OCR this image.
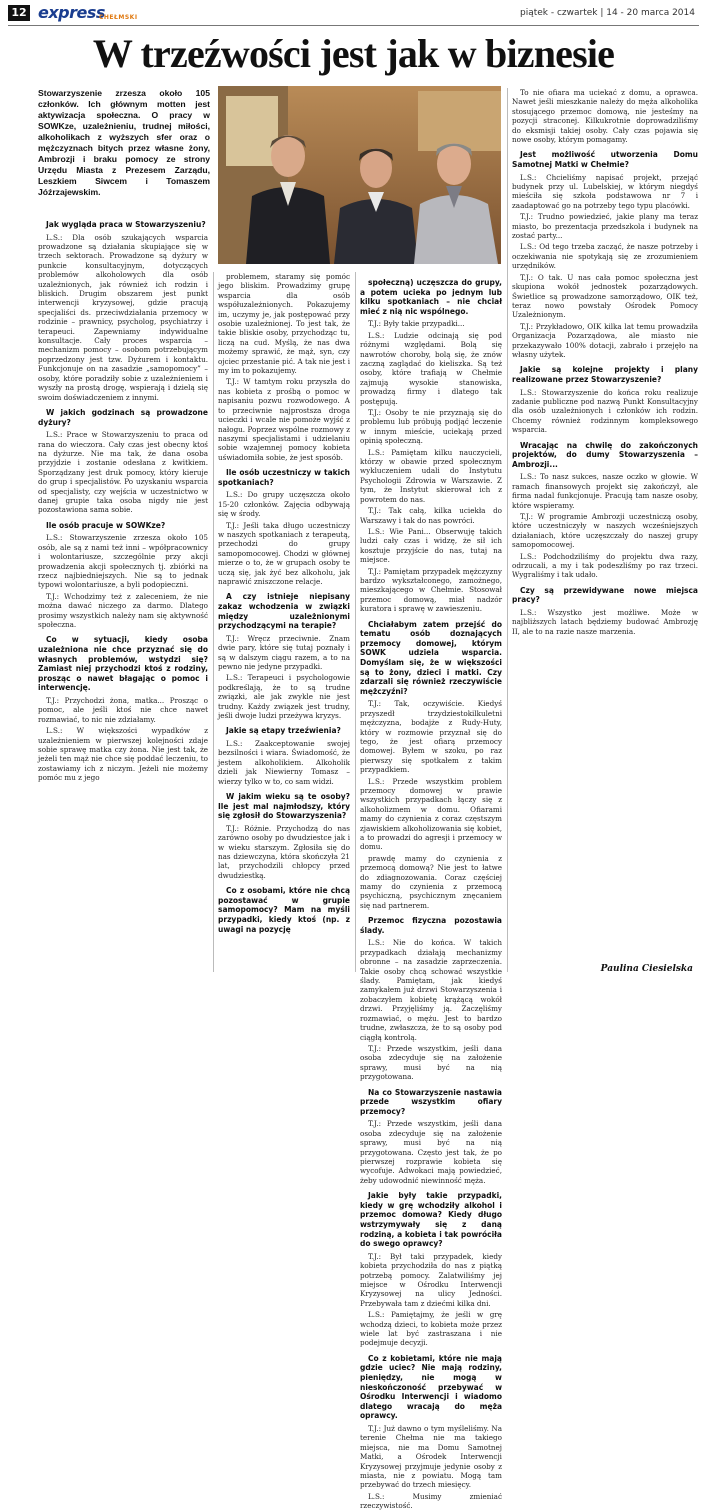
12 express
CHEŁMSKI	piątek - czwartek | 14 - 20 marca 2014
W trzeźwości jest jak w biznesie
Stowarzyszenie zrzesza około 105 członków. Ich głównym motten jest aktywizacja społeczna. O pracy w SOWKze, uzależnieniu, trudnej miłości, alkoholikach z wyższych sfer oraz o mężczyznach bitych przez własne żony, Ambrozji i braku pomocy ze strony Urzędu Miasta z Prezesem Zarządu, Leszkiem Siwcem i Tomaszem Jóźrzajewskim.

Jak wygląda praca w Stowarzyszeniu?

L.S.: Dla osób szukających wsparcia prowadzone są działania skupiające się w trzech sektorach. Prowadzone są dyżury w punkcie konsultacyjnym, dotyczących problemów alkoholowych dla osób uzależnionych, jak również ich rodzin i bliskich. Drugim obszarem jest punkt interwencji kryzysowej, gdzie pracują specjaliści ds. przeciwdziałania przemocy w rodzinie – prawnicy, psycholog, psychiatrzy i terapeuci. Zapewniamy indywidualne konsultacje. Cały proces wsparcia – mechanizm pomocy – osobom potrzebującym poprzedzony jest tzw. Dyżurem i kontaktu. Funkcjonuje on na zasadzie „samopomocy” – osoby, które poradziły sobie z uzależnieniem i wyszły na prostą drogę, wspierają i dzielą się swoim doświadczeniem z innymi.

W jakich godzinach są prowadzone dyżury?

L.S.: Prace w Stowarzyszeniu to praca od rana do wieczora. Cały czas jest obecny ktoś na dyżurze. Nie ma tak, że dana osoba przyjdzie i zostanie odesłana z kwitkiem. Sporządzany jest druk pomocy, który kieruje do grup i specjalistów. Po uzyskaniu wsparcia od specjalisty, czy wejścia w uczestnictwo w danej grupie taka osoba nigdy nie jest pozostawiona sama sobie.

Ile osób pracuje w SOWKze?

L.S.: Stowarzyszenie zrzesza około 105 osób, ale są z nami też inni – wpółpracownicy i wolontariusze, szczególnie przy akcji prowadzenia akcji społecznych tj. zbiórki na rzecz najbiedniejszych. Nie są to jednak typowi wolontariusze, a byli podopieczni.

T.J.: Wchodzimy też z zaleceniem, że nie można dawać niczego za darmo. Dlatego prosimy wszystkich należy nam się aktywność społeczna.

Co w sytuacji, kiedy osoba uzależniona nie chce przyznać się do własnych problemów, wstydzi się? Zamiast niej przychodzi ktoś z rodziny, prosząc o nawet błagając o pomoc i interwencję.

T.J.: Przychodzi żona, matka... Prosząc o pomoc, ale jeśli ktoś nie chce nawet rozmawiać, to nic nie zdziałamy.

L.S.: W większości wypadków z uzależnieniem w pierwszej kolejności zdaje sobie sprawę matka czy żona. Nie jest tak, że jeżeli ten mąż nie chce się poddać leczeniu, to zostawiamy ich z niczym. Jeżeli nie możemy pomóc mu z jego

problemem, staramy się pomóc jego bliskim. Prowadzimy grupę wsparcia dla osób współuzależnionych. Pokazujemy im, uczymy je, jak postępować przy osobie uzależnionej. To jest tak, że takie bliskie osoby, przychodząc tu, liczą na cud. Myślą, że nas dwa możemy sprawić, że mąż, syn, czy ojciec przestanie pić. A tak nie jest i my im to pokazujemy.

T.J.: W tamtym roku przyszła do nas kobieta z prośbą o pomoc w napisaniu pozwu rozwodowego. A to przeciwnie najprostsza droga ucieczki i wcale nie pomoże wyjść z nałogu. Poprzez wspólne rozmowy z naszymi specjalistami i udzielaniu sobie wzajemnej pomocy kobieta uświadomiła sobie, że jest sposób.

Ile osób uczestniczy w takich spotkaniach?

L.S.: Do grupy uczęszcza około 15-20 członków. Zajęcia odbywają się w środy.

T.J.: Jeśli taka długo uczestniczy w naszych spotkaniach z terapeutą, przechodzi do grupy samopomocowej. Chodzi w głównej mierze o to, że w grupach osoby te uczą się, jak żyć bez alkoholu, jak naprawić zniszczone relacje.

A czy istnieje niepisany zakaz wchodzenia w związki między uzależnionymi przychodzącymi na terapie?

T.J.: Wręcz przeciwnie. Znam dwie pary, które się tutaj poznały i są w dalszym ciągu razem, a to na pewno nie jedyne przypadki.

L.S.: Terapeuci i psychologowie podkreślają, że to są trudne związki, ale jak zwykle nie jest trudny. Każdy związek jest trudny, jeśli dwoje ludzi przeżywa kryzys.

Jakie są etapy trzeźwienia?

L.S.: Zaakceptowanie swojej bezsilności i wiara. Świadomość, że jestem alkoholikiem. Alkoholik dzieli jak Niewierny Tomasz – wierzy tylko w to, co sam widzi.

W jakim wieku są te osoby? Ile jest mal najmłodszy, który się zgłosił do Stowarzyszenia?

T.J.: Różnie. Przychodzą do nas zarówno osoby po dwudziestce jak i w wieku starszym. Zgłosiła się do nas dziewczyna, która skończyła 21 lat, przychodzili chłopcy przed dwudziestką.

Co z osobami, które nie chcą pozostawać w grupie samopomocy? Mam na myśli przypadki, kiedy ktoś (np. z uwagi na pozycję

społeczną) uczęszcza do grupy, a potem ucieka po jednym lub kilku spotkaniach – nie chciał mieć z nią nic wspólnego.

T.J.: Były takie przypadki...

L.S.: Ludzie odcinają się pod różnymi względami. Bolą się nawrotów choroby, bolą się, że znów zaczną zaglądać do kieliszka. Są też osoby, które trafiają w Chełmie zajmują wysokie stanowiska, prowadzą firmy i dlatego tak postępują.

T.J.: Osoby te nie przyznają się do problemu lub próbują podjąć leczenie w innym mieście, uciekają przed opinią społeczną.

L.S.: Pamiętam kilku nauczycieli, którzy w obawie przed społecznym wykluczeniem udali do Instytutu Psychologii Zdrowia w Warszawie. Z tym, że Instytut skierował ich z powrotem do nas.

T.J.: Tak całą, kilka uciekła do Warszawy i tak do nas powróci.

L.S.: Wie Pani... Obserwuję takich ludzi cały czas i widzę, że sił ich kosztuje przyjście do nas, tutaj na miejsce.

T.J.: Pamiętam przypadek mężczyzny bardzo wykształconego, zamożnego, mieszkającego w Chełmie. Stosował przemoc domową, miał nadzór kuratora i sprawę w zawieszeniu.

Chciałabym zatem przejść do tematu osób doznających przemocy domowej, którym SOWK udziela wsparcia. Domyślam się, że w większości są to żony, dzieci i matki. Czy zdarzali się również rzeczywiście mężczyźni?

T.J.: Tak, oczywiście. Kiedyś przyszedł trzydziestokilkuletni mężczyzna, bodajże z Rudy-Huty, który w rozmowie przyznał się do tego, że jest ofiarą przemocy domowej. Byłem w szoku, po raz pierwszy się spotkałem z takim przypadkiem.

L.S.: Przede wszystkim problem przemocy domowej w prawie wszystkich przypadkach łączy się z alkoholizmem w domu. Ofiarami mamy do czynienia z coraz częstszym zjawiskiem alkoholizowania się kobiet, a to prowadzi do agresji i przemocy w domu.

prawdę mamy do czynienia z przemocą domową? Nie jest to łatwe do zdiagnozowania. Coraz częściej mamy do czynienia z przemocą psychiczną, psychicznym znęcaniem się nad partnerem.

Przemoc fizyczna pozostawia ślady.

L.S.: Nie do końca. W takich przypadkach działają mechanizmy obronne – na zasadzie zaprzeczenia. Takie osoby chcą schować wszystkie ślady. Pamiętam, jak kiedyś zamykałem już drzwi Stowarzyszenia i zobaczyłem kobietę krążącą wokół drzwi. Przyjęliśmy ją. Zaczęliśmy rozmawiać, o mężu. Jest to bardzo trudne, zwłaszcza, że to są osoby pod ciągłą kontrolą.

T.J.: Przede wszystkim, jeśli dana osoba zdecyduje się na założenie sprawy, musi być na nią przygotowana.

Na co Stowarzyszenie nastawia przede wszystkim ofiary przemocy?

T.J.: Przede wszystkim, jeśli dana osoba zdecyduje się na założenie sprawy, musi być na nią przygotowana. Często jest tak, że po pierwszej rozprawie kobieta się wycofuje. Adwokaci mają powiedzieć, żeby udowodnić niewinność męża.

Jakie były takie przypadki, kiedy w grę wchodziły alkohol i przemoc domowa? Kiedy długo wstrzymywały się z daną rodziną, a kobieta i tak powróciła do swego oprawcy?

T.J.: Był taki przypadek, kiedy kobieta przychodziła do nas z piątką potrzebą pomocy. Zalatwiliśmy jej miejsce w Ośrodku Interwencji Kryzysowej na ulicy Jedności. Przebywała tam z dziećmi kilka dni.

L.S.: Pamiętajmy, że jeśli w grę wchodzą dzieci, to kobieta może przez wiele lat być zastraszana i nie podejmuje decyzji.

Co z kobietami, które nie mają gdzie uciec? Nie mają rodziny, pieniędzy, nie mogą w nieskończoność przebywać w Ośrodku Interwencji i wiadomo dlatego wracają do męża oprawcy.

T.J.: Już dawno o tym myśleliśmy. Na terenie Chełma nie ma takiego miejsca, nie ma Domu Samotnej Matki, a Ośrodek Interwencji Kryzysowej przyjmuje jedynie osoby z miasta, nie z powiatu. Mogą tam przebywać do trzech miesięcy.

L.S.: Musimy zmieniać rzeczywistość.

To nie ofiara ma uciekać z domu, a oprawca. Nawet jeśli mieszkanie należy do męża alkoholika stosującego przemoc domową, nie jesteśmy na pozycji straconej. Kilkukrotnie doprowadziliśmy do eksmisji takiej osoby. Cały czas pojawia się nowe osoby, którym pomagamy.

Jest możliwość utworzenia Domu Samotnej Matki w Chełmie?

L.S.: Chcieliśmy napisać projekt, przejąć budynek przy ul. Lubelskiej, w którym niegdyś mieściła się szkoła podstawowa nr 7 i zaadaptować go na potrzeby tego typu placówki.

T.J.: Trudno powiedzieć, jakie plany ma teraz miasto, bo prezentacja przedszkola i budynek na zostać party...

L.S.: Od tego trzeba zacząć, że nasze potrzeby i oczekiwania nie spotykają się ze zrozumieniem urzędników.

T.J.: O tak. U nas cała pomoc społeczna jest skupiona wokół jednostek pozarządowych. Świetlice są prowadzone samorządowo, OIK też, teraz nowo powstały Ośrodek Pomocy Uzależnionym.

T.J.: Przykładowo, OIK kilka lat temu prowadziła Organizacja Pozarządowa, ale miasto nie przekazywało 100% dotacji, zabrało i przejęło na własny użytek.

Jakie są kolejne projekty i plany realizowane przez Stowarzyszenie?

L.S.: Stowarzyszenie do końca roku realizuje zadanie publiczne pod nazwą Punkt Konsultacyjny dla osób uzależnionych i członków ich rodzin. Chcemy również rodzinnym kompleksowego wsparcia.

Wracając na chwilę do zakończonych projektów, do dumy Stowarzyszenia – Ambrozji...

L.S.: To nasz sukces, nasze oczko w głowie. W ramach finansowych projekt się zakończył, ale firma nadal funkcjonuje. Pracują tam nasze osoby, które wspieramy.

T.J.: W programie Ambrozji uczestniczą osoby, które uczestniczyły w naszych wcześniejszych działaniach, które uczęszczały do naszej grupy samopomocowej.

L.S.: Podchodziliśmy do projektu dwa razy, odrzucali, a my i tak podeszliśmy po raz trzeci. Wygraliśmy i tak udało.

Czy są przewidywane nowe miejsca pracy?

L.S.: Wszystko jest możliwe. Może w najbliższych latach będziemy budować Ambrozję II, ale to na razie nasze marzenia.

Paulina Ciesielska
